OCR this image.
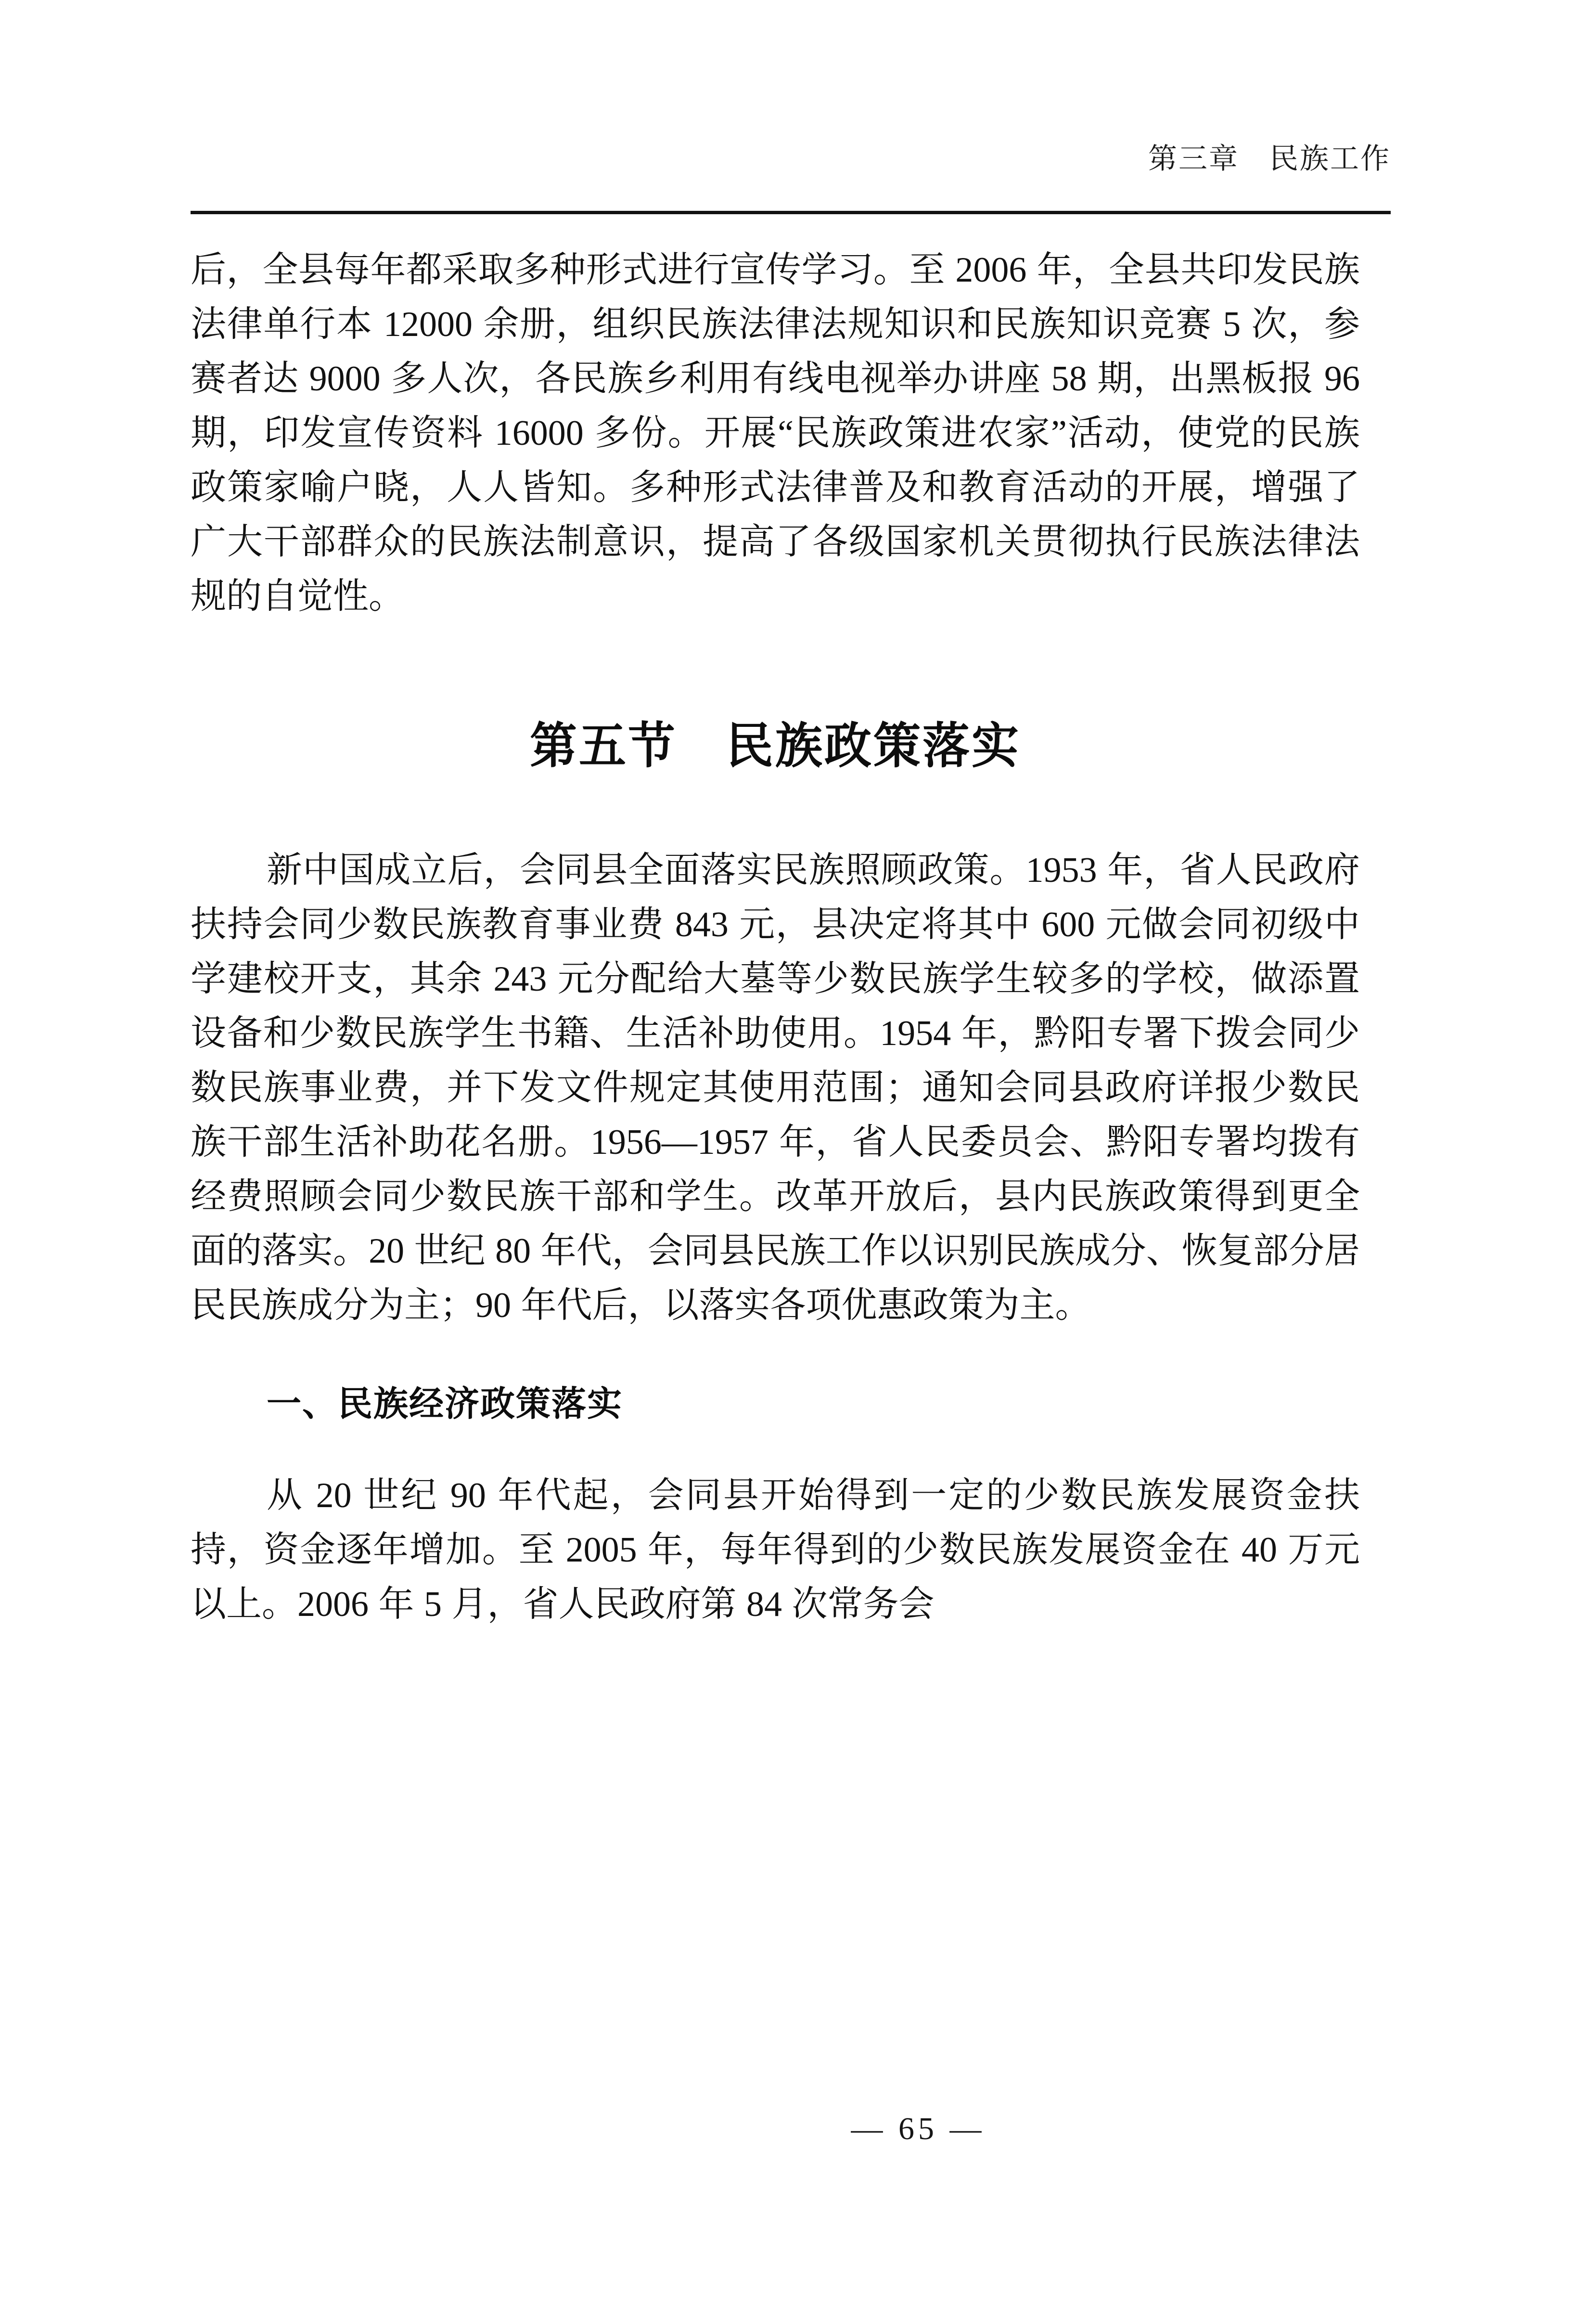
第三章　民族工作

后，全县每年都采取多种形式进行宣传学习。至 2006 年，全县共印发民族法律单行本 12000 余册，组织民族法律法规知识和民族知识竞赛 5 次，参赛者达 9000 多人次，各民族乡利用有线电视举办讲座 58 期，出黑板报 96 期，印发宣传资料 16000 多份。开展“民族政策进农家”活动，使党的民族政策家喻户晓，人人皆知。多种形式法律普及和教育活动的开展，增强了广大干部群众的民族法制意识，提高了各级国家机关贯彻执行民族法律法规的自觉性。

第五节　民族政策落实

新中国成立后，会同县全面落实民族照顾政策。1953 年，省人民政府扶持会同少数民族教育事业费 843 元，县决定将其中 600 元做会同初级中学建校开支，其余 243 元分配给大墓等少数民族学生较多的学校，做添置设备和少数民族学生书籍、生活补助使用。1954 年，黔阳专署下拨会同少数民族事业费，并下发文件规定其使用范围；通知会同县政府详报少数民族干部生活补助花名册。1956—1957 年，省人民委员会、黔阳专署均拨有经费照顾会同少数民族干部和学生。改革开放后，县内民族政策得到更全面的落实。20 世纪 80 年代，会同县民族工作以识别民族成分、恢复部分居民民族成分为主；90 年代后，以落实各项优惠政策为主。

一、民族经济政策落实

从 20 世纪 90 年代起，会同县开始得到一定的少数民族发展资金扶持，资金逐年增加。至 2005 年，每年得到的少数民族发展资金在 40 万元以上。2006 年 5 月，省人民政府第 84 次常务会

— 65 —
